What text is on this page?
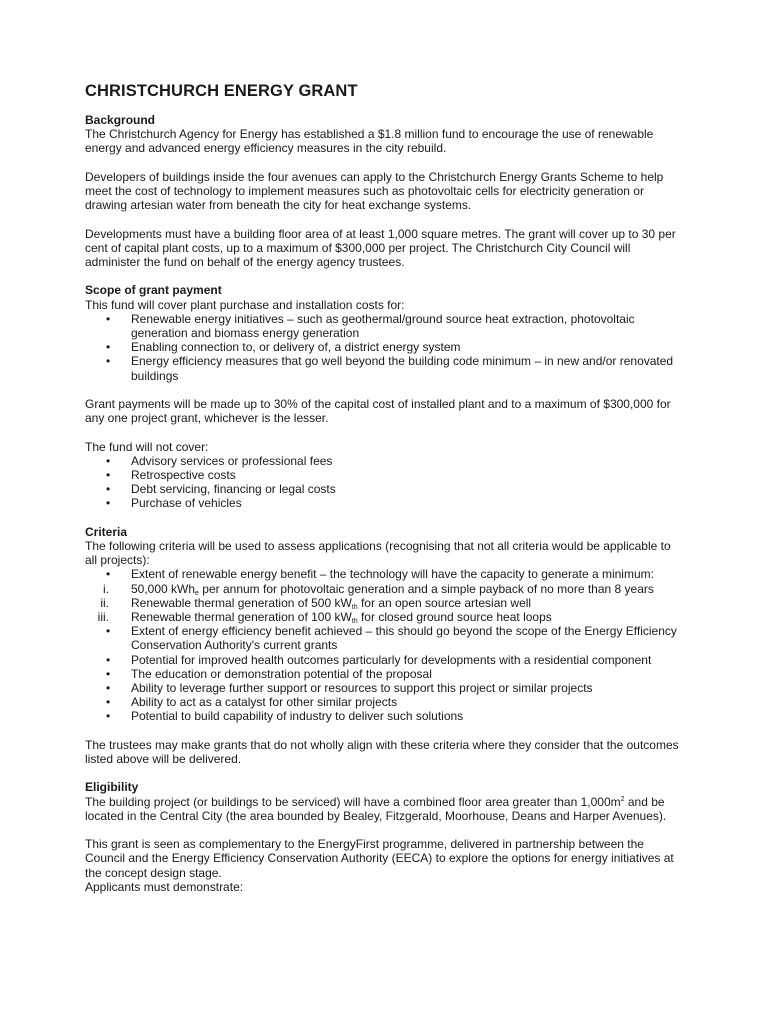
CHRISTCHURCH ENERGY GRANT
Background

The Christchurch Agency for Energy has established a $1.8 million fund to encourage the use of renewable energy and advanced energy efficiency measures in the city rebuild.

Developers of buildings inside the four avenues can apply to the Christchurch Energy Grants Scheme to help meet the cost of technology to implement measures such as photovoltaic cells for electricity generation or drawing artesian water from beneath the city for heat exchange systems.

Developments must have a building floor area of at least 1,000 square metres. The grant will cover up to 30 per cent of capital plant costs, up to a maximum of $300,000 per project. The Christchurch City Council will administer the fund on behalf of the energy agency trustees.

Scope of grant payment

This fund will cover plant purchase and installation costs for:

• Renewable energy initiatives – such as geothermal/ground source heat extraction, photovoltaic generation and biomass energy generation
• Enabling connection to, or delivery of, a district energy system
• Energy efficiency measures that go well beyond the building code minimum – in new and/or renovated buildings

Grant payments will be made up to 30% of the capital cost of installed plant and to a maximum of $300,000 for any one project grant, whichever is the lesser.

The fund will not cover:

• Advisory services or professional fees
• Retrospective costs
• Debt servicing, financing or legal costs
• Purchase of vehicles
Criteria

The following criteria will be used to assess applications (recognising that not all criteria would be applicable to all projects):

• Extent of renewable energy benefit – the technology will have the capacity to generate a minimum:
i. 50,000 kWh$_e$ per annum for photovoltaic generation and a simple payback of no more than 8 years
ii. Renewable thermal generation of 500 $kW_{th}$ for an open source artesian well
iii. Renewable thermal generation of 100 $kW_{th}$ for closed ground source heat loops
• Extent of energy efficiency benefit achieved – this should go beyond the scope of the Energy Efficiency Conservation Authority's current grants
• Potential for improved health outcomes particularly for developments with a residential component
• The education or demonstration potential of the proposal
• Ability to leverage further support or resources to support this project or similar projects
• Ability to act as a catalyst for other similar projects
• Potential to build capability of industry to deliver such solutions

The trustees may make grants that do not wholly align with these criteria where they consider that the outcomes listed above will be delivered.

Eligibility

The building project (or buildings to be serviced) will have a combined floor area greater than $1,000m^2$ and be located in the Central City (the area bounded by Bealey, Fitzgerald, Moorhouse, Deans and Harper Avenues).

This grant is seen as complementary to the EnergyFirst programme, delivered in partnership between the Council and the Energy Efficiency Conservation Authority (EECA) to explore the options for energy initiatives at the concept design stage.

Applicants must demonstrate:
